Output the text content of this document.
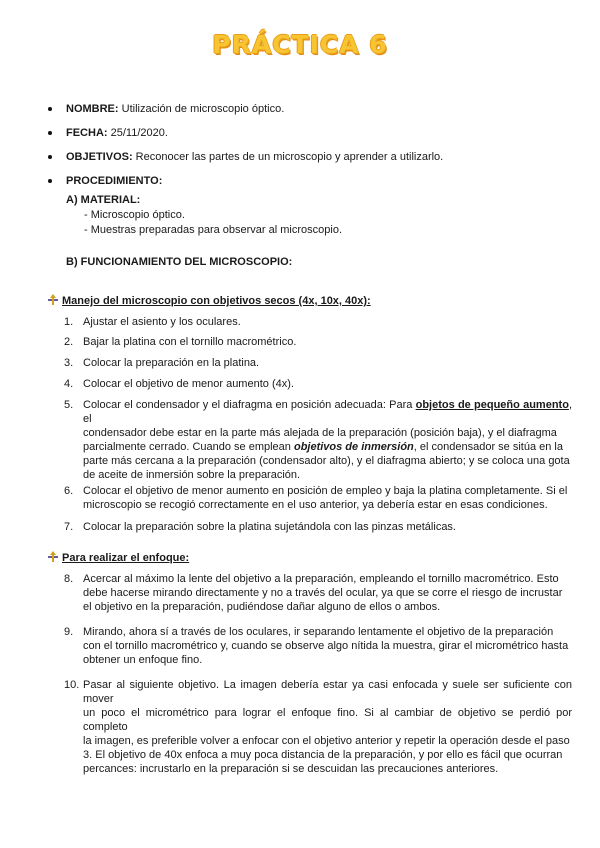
PRÁCTICA 6
NOMBRE: Utilización de microscopio óptico.
FECHA: 25/11/2020.
OBJETIVOS: Reconocer las partes de un microscopio y aprender a utilizarlo.
PROCEDIMIENTO:
A) MATERIAL:
- Microscopio óptico.
- Muestras preparadas para observar al microscopio.
B) FUNCIONAMIENTO DEL MICROSCOPIO:
Manejo del microscopio con objetivos secos (4x, 10x, 40x):
1. Ajustar el asiento y los oculares.
2. Bajar la platina con el tornillo macrométrico.
3. Colocar la preparación en la platina.
4. Colocar el objetivo de menor aumento (4x).
5. Colocar el condensador y el diafragma en posición adecuada: Para objetos de pequeño aumento, el
condensador debe estar en la parte más alejada de la preparación (posición baja), y el diafragma
parcialmente cerrado. Cuando se emplean objetivos de inmersión, el condensador se sitúa en la
parte más cercana a la preparación (condensador alto), y el diafragma abierto; y se coloca una gota
de aceite de inmersión sobre la preparación.
6. Colocar el objetivo de menor aumento en posición de empleo y baja la platina completamente. Si el
microscopio se recogió correctamente en el uso anterior, ya debería estar en esas condiciones.
7. Colocar la preparación sobre la platina sujetándola con las pinzas metálicas.
Para realizar el enfoque:
8. Acercar al máximo la lente del objetivo a la preparación, empleando el tornillo macrométrico. Esto
debe hacerse mirando directamente y no a través del ocular, ya que se corre el riesgo de incrustar
el objetivo en la preparación, pudiéndose dañar alguno de ellos o ambos.
9. Mirando, ahora sí a través de los oculares, ir separando lentamente el objetivo de la preparación
con el tornillo macrométrico y, cuando se observe algo nítida la muestra, girar el micrométrico hasta
obtener un enfoque fino.
10. Pasar al siguiente objetivo. La imagen debería estar ya casi enfocada y suele ser suficiente con mover
un poco el micrométrico para lograr el enfoque fino. Si al cambiar de objetivo se perdió por completo
la imagen, es preferible volver a enfocar con el objetivo anterior y repetir la operación desde el paso
3. El objetivo de 40x enfoca a muy poca distancia de la preparación, y por ello es fácil que ocurran
percances: incrustarlo en la preparación si se descuidan las precauciones anteriores.
